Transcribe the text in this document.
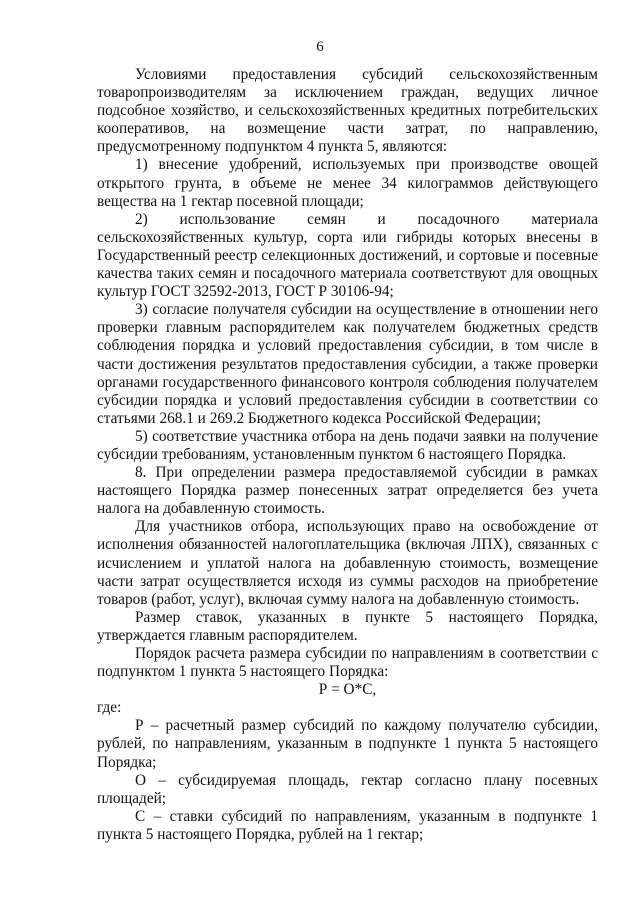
6

Условиями предоставления субсидий сельскохозяйственным товаропроизводителям за исключением граждан, ведущих личное подсобное хозяйство, и сельскохозяйственных кредитных потребительских кооперативов, на возмещение части затрат, по направлению, предусмотренному подпунктом 4 пункта 5, являются:

1) внесение удобрений, используемых при производстве овощей открытого грунта, в объеме не менее 34 килограммов действующего вещества на 1 гектар посевной площади;

2) использование семян и посадочного материала сельскохозяйственных культур, сорта или гибриды которых внесены в Государственный реестр селекционных достижений, и сортовые и посевные качества таких семян и посадочного материала соответствуют для овощных культур ГОСТ 32592-2013, ГОСТ Р 30106-94;

3) согласие получателя субсидии на осуществление в отношении него проверки главным распорядителем как получателем бюджетных средств соблюдения порядка и условий предоставления субсидии, в том числе в части достижения результатов предоставления субсидии, а также проверки органами государственного финансового контроля соблюдения получателем субсидии порядка и условий предоставления субсидии в соответствии со статьями 268.1 и 269.2 Бюджетного кодекса Российской Федерации;

5) соответствие участника отбора на день подачи заявки на получение субсидии требованиям, установленным пунктом 6 настоящего Порядка.

8. При определении размера предоставляемой субсидии в рамках настоящего Порядка размер понесенных затрат определяется без учета налога на добавленную стоимость.

Для участников отбора, использующих право на освобождение от исполнения обязанностей налогоплательщика (включая ЛПХ), связанных с исчислением и уплатой налога на добавленную стоимость, возмещение части затрат осуществляется исходя из суммы расходов на приобретение товаров (работ, услуг), включая сумму налога на добавленную стоимость.

Размер ставок, указанных в пункте 5 настоящего Порядка, утверждается главным распорядителем.

Порядок расчета размера субсидии по направлениям в соответствии с подпунктом 1 пункта 5 настоящего Порядка:

Р = О*С,

где:

Р – расчетный размер субсидий по каждому получателю субсидии, рублей, по направлениям, указанным в подпункте 1 пункта 5 настоящего Порядка;

О – субсидируемая площадь, гектар согласно плану посевных площадей;

С – ставки субсидий по направлениям, указанным в подпункте 1 пункта 5 настоящего Порядка, рублей на 1 гектар;
